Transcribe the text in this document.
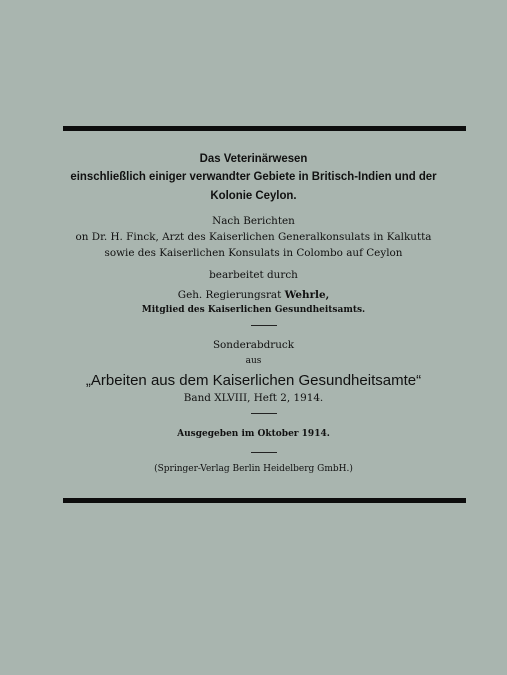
Das Veterinärwesen
einschließlich einiger verwandter Gebiete in Britisch-Indien und der
Kolonie Ceylon.
Nach Berichten
on Dr. H. Finck, Arzt des Kaiserlichen Generalkonsulats in Kalkutta
sowie des Kaiserlichen Konsulats in Colombo auf Ceylon
bearbeitet durch
Geh. Regierungsrat Wehrle,
Mitglied des Kaiserlichen Gesundheitsamts.
Sonderabdruck
aus
„Arbeiten aus dem Kaiserlichen Gesundheitsamte“
Band XLVIII, Heft 2, 1914.
Ausgegeben im Oktober 1914.
(Springer-Verlag Berlin Heidelberg GmbH.)
